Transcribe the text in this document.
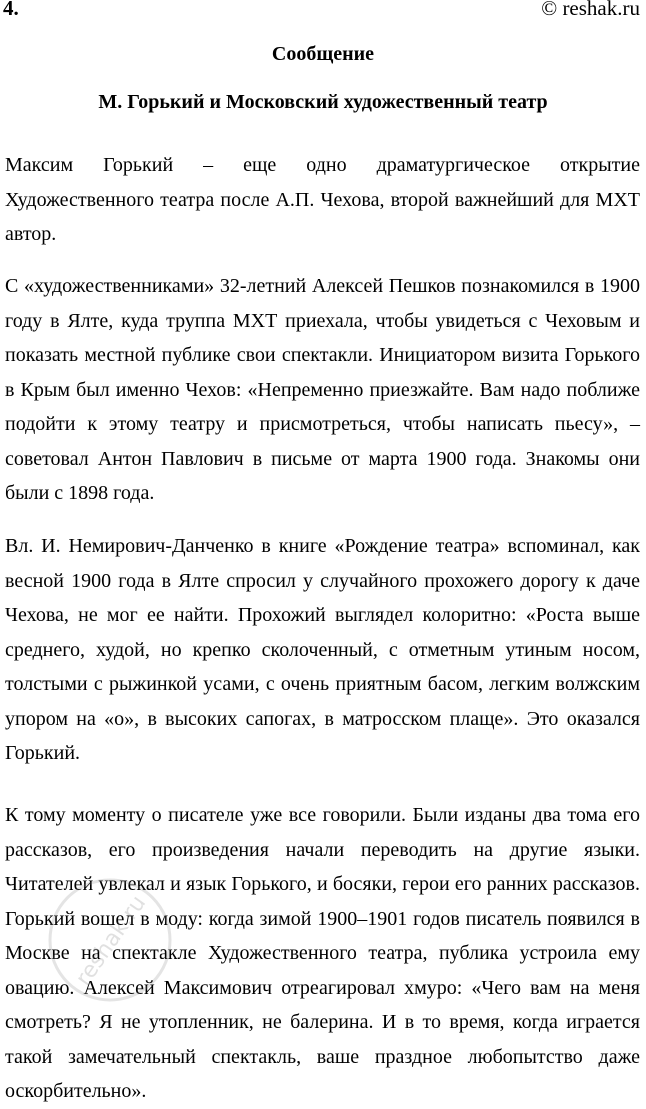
4.	© reshak.ru
Сообщение
М. Горький и Московский художественный театр

Максим Горький – еще одно драматургическое открытие Художественного театра после А.П. Чехова, второй важнейший для МХТ автор.

С «художественниками» 32-летний Алексей Пешков познакомился в 1900 году в Ялте, куда труппа МХТ приехала, чтобы увидеться с Чеховым и показать местной публике свои спектакли. Инициатором визита Горького в Крым был именно Чехов: «Непременно приезжайте. Вам надо поближе подойти к этому театру и присмотреться, чтобы написать пьесу», – советовал Антон Павлович в письме от марта 1900 года. Знакомы они были с 1898 года.

Вл. И. Немирович-Данченко в книге «Рождение театра» вспоминал, как весной 1900 года в Ялте спросил у случайного прохожего дорогу к даче Чехова, не мог ее найти. Прохожий выглядел колоритно: «Роста выше среднего, худой, но крепко сколоченный, с отметным утиным носом, толстыми с рыжинкой усами, с очень приятным басом, легким волжским упором на «о», в высоких сапогах, в матросском плаще». Это оказался Горький.

К тому моменту о писателе уже все говорили. Были изданы два тома его рассказов, его произведения начали переводить на другие языки. Читателей увлекал и язык Горького, и босяки, герои его ранних рассказов. Горький вошел в моду: когда зимой 1900–1901 годов писатель появился в Москве на спектакле Художественного театра, публика устроила ему овацию. Алексей Максимович отреагировал хмуро: «Чего вам на меня смотреть? Я не утопленник, не балерина. И в то время, когда играется такой замечательный спектакль, ваше праздное любопытство даже оскорбительно».

reshak.ru
